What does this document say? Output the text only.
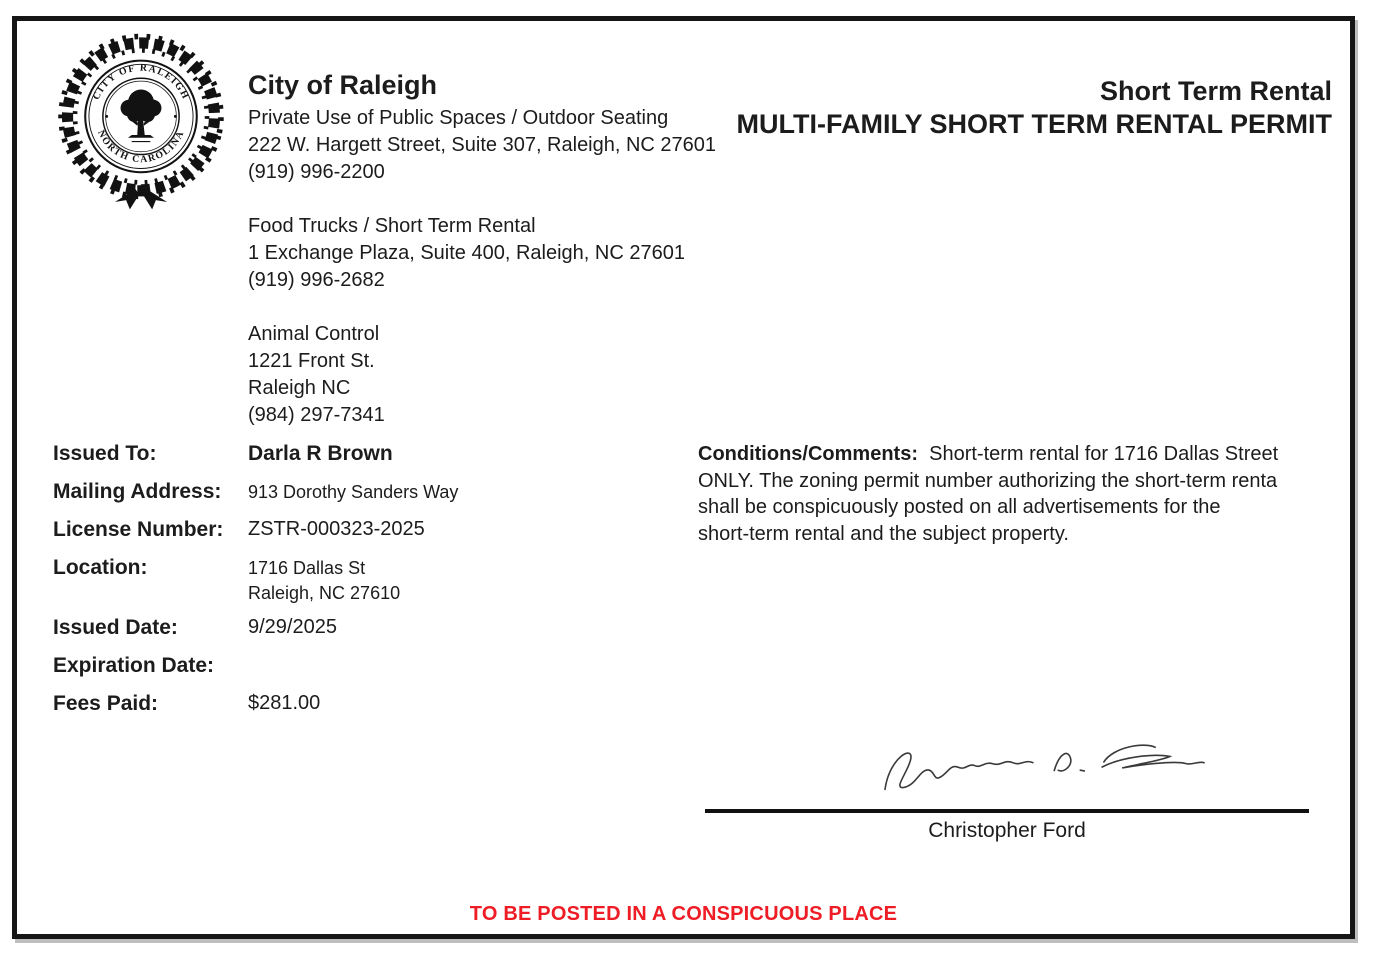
CITY OF RALEIGH
NORTH CAROLINA
City of Raleigh
Private Use of Public Spaces / Outdoor Seating
222 W. Hargett Street, Suite 307, Raleigh, NC 27601
(919) 996-2200
Food Trucks / Short Term Rental
1 Exchange Plaza, Suite 400, Raleigh, NC 27601
(919) 996-2682
Animal Control
1221 Front St.
Raleigh NC
(984) 297-7341
Short Term Rental
MULTI-FAMILY SHORT TERM RENTAL PERMIT
Issued To:	Darla R Brown
Mailing Address:	913 Dorothy Sanders Way
License Number:	ZSTR-000323-2025
Location:	1716 Dallas St
Raleigh, NC 27610
Issued Date:	9/29/2025
Expiration Date:
Fees Paid:	$281.00
Conditions/Comments:  Short-term rental for 1716 Dallas Street
ONLY. The zoning permit number authorizing the short-term renta
shall be conspicuously posted on all advertisements for the
short-term rental and the subject property.
Christopher Ford
TO BE POSTED IN A CONSPICUOUS PLACE
